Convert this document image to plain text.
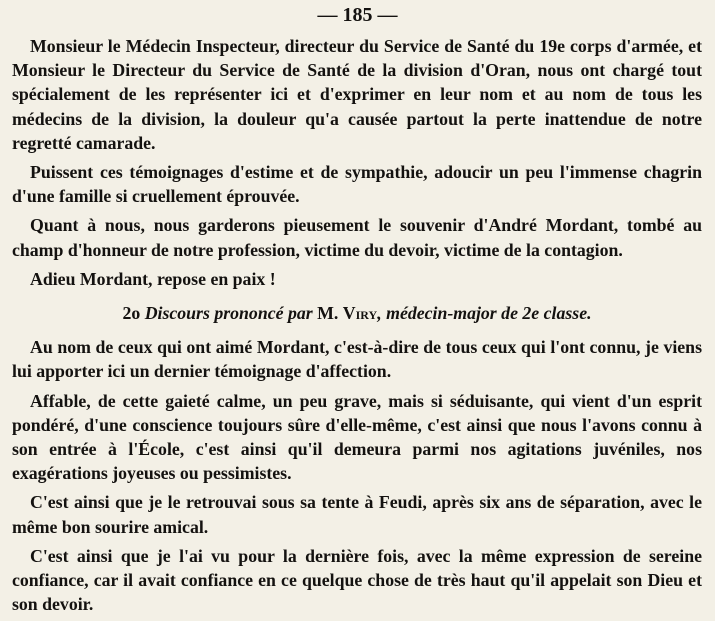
— 185 —

Monsieur le Médecin Inspecteur, directeur du Service de Santé du 19e corps d'armée, et Monsieur le Directeur du Service de Santé de la division d'Oran, nous ont chargé tout spécialement de les représenter ici et d'exprimer en leur nom et au nom de tous les médecins de la division, la douleur qu'a causée partout la perte inattendue de notre regretté camarade.

Puissent ces témoignages d'estime et de sympathie, adoucir un peu l'immense chagrin d'une famille si cruellement éprouvée.

Quant à nous, nous garderons pieusement le souvenir d'André Mordant, tombé au champ d'honneur de notre profession, victime du devoir, victime de la contagion.

Adieu Mordant, repose en paix !

2o Discours prononcé par M. Viry, médecin-major de 2e classe.

Au nom de ceux qui ont aimé Mordant, c'est-à-dire de tous ceux qui l'ont connu, je viens lui apporter ici un dernier témoignage d'affection.

Affable, de cette gaieté calme, un peu grave, mais si séduisante, qui vient d'un esprit pondéré, d'une conscience toujours sûre d'elle-même, c'est ainsi que nous l'avons connu à son entrée à l'École, c'est ainsi qu'il demeura parmi nos agitations juvéniles, nos exagérations joyeuses ou pessimistes.

C'est ainsi que je le retrouvai sous sa tente à Feudi, après six ans de séparation, avec le même bon sourire amical.

C'est ainsi que je l'ai vu pour la dernière fois, avec la même expression de sereine confiance, car il avait confiance en ce quelque chose de très haut qu'il appelait son Dieu et son devoir.
